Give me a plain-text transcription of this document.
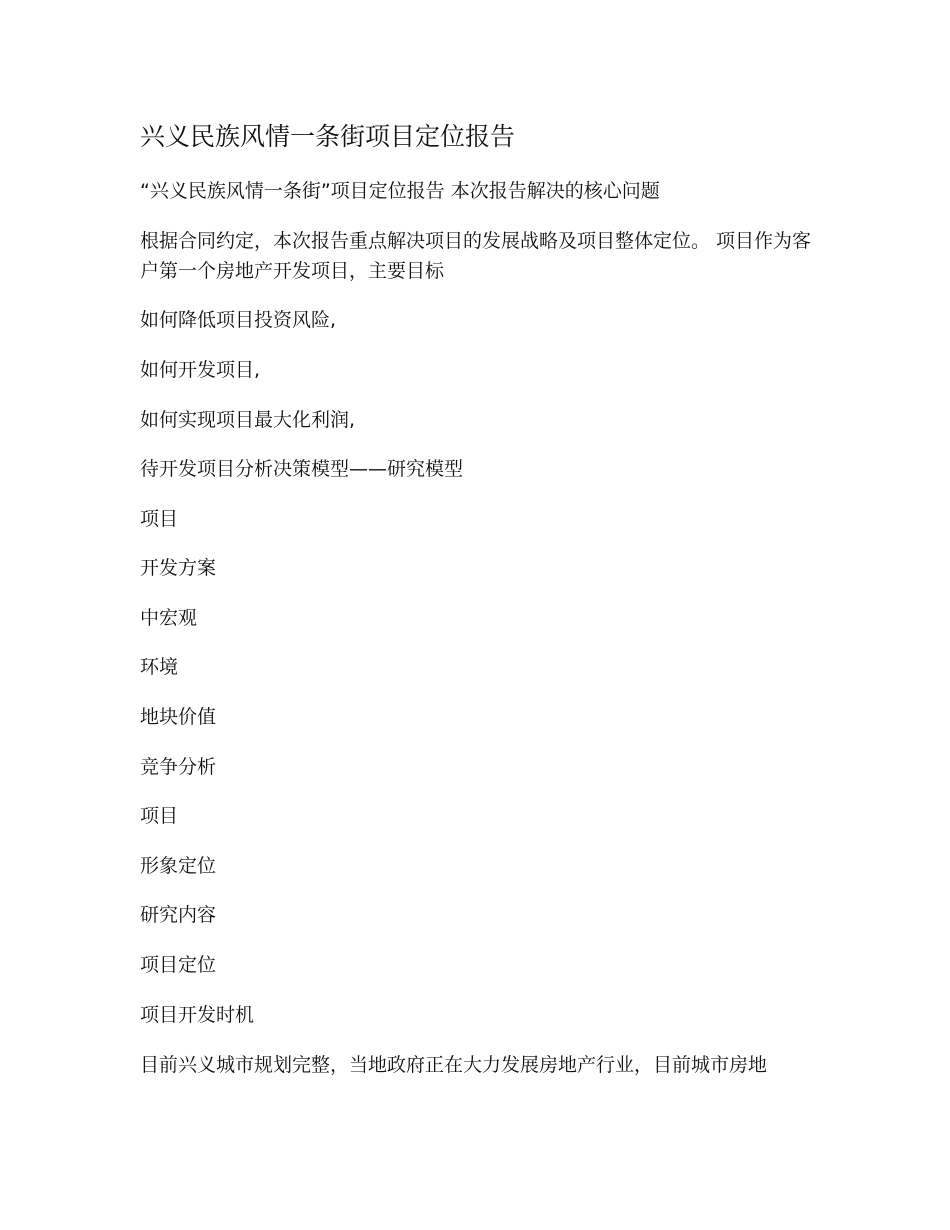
兴义民族风情一条街项目定位报告

“兴义民族风情一条街”项目定位报告 本次报告解决的核心问题

根据合同约定，本次报告重点解决项目的发展战略及项目整体定位。 项目作为客户第一个房地产开发项目，主要目标

如何降低项目投资风险,

如何开发项目,

如何实现项目最大化利润,

待开发项目分析决策模型——研究模型

项目

开发方案

中宏观

环境

地块价值

竞争分析

项目

形象定位

研究内容

项目定位

项目开发时机

目前兴义城市规划完整，当地政府正在大力发展房地产行业，目前城市房地
